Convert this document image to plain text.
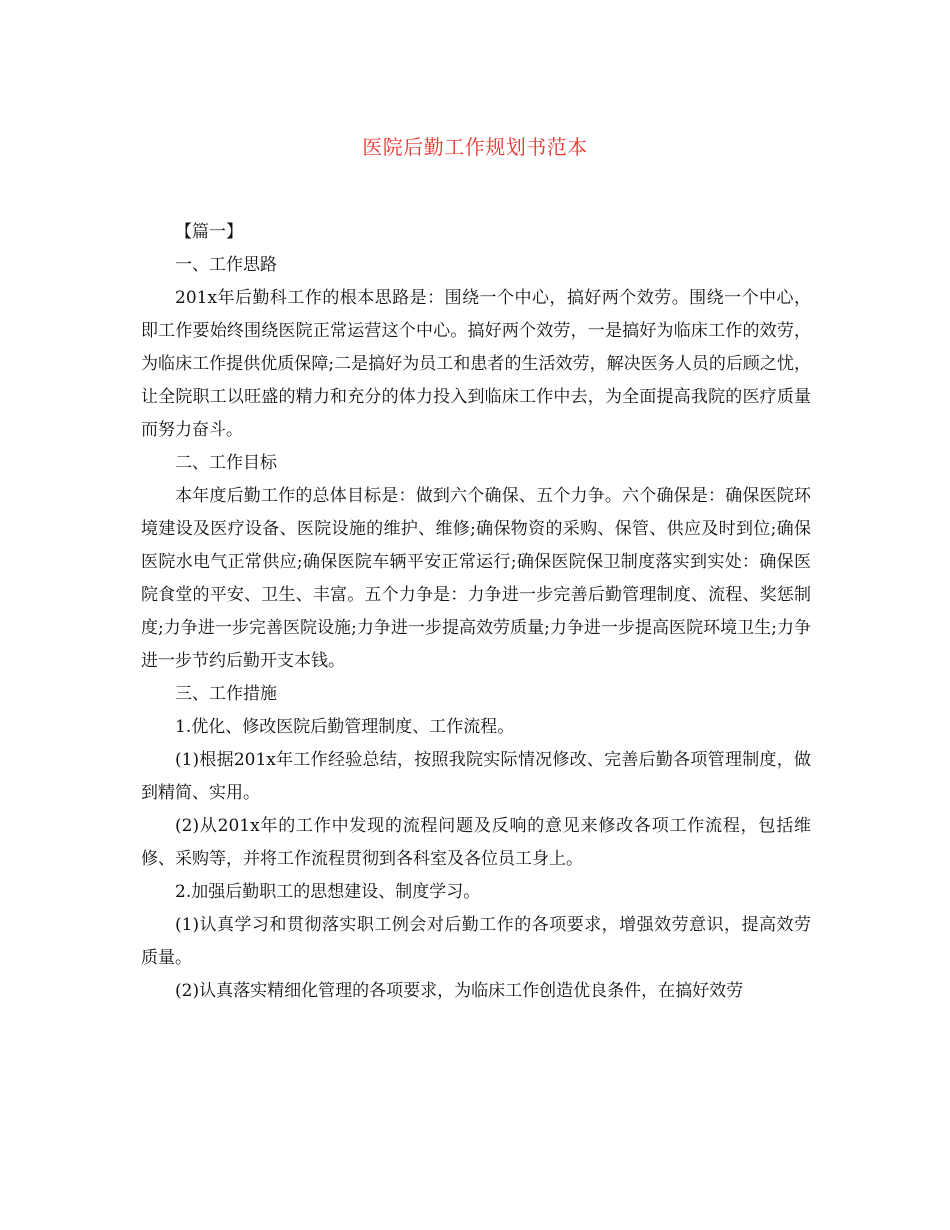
医院后勤工作规划书范本

【篇一】

一、工作思路

201x年后勤科工作的根本思路是：围绕一个中心，搞好两个效劳。围绕一个中心，即工作要始终围绕医院正常运营这个中心。搞好两个效劳，一是搞好为临床工作的效劳，为临床工作提供优质保障;二是搞好为员工和患者的生活效劳，解决医务人员的后顾之忧，让全院职工以旺盛的精力和充分的体力投入到临床工作中去，为全面提高我院的医疗质量而努力奋斗。

二、工作目标

本年度后勤工作的总体目标是：做到六个确保、五个力争。六个确保是：确保医院环境建设及医疗设备、医院设施的维护、维修;确保物资的采购、保管、供应及时到位;确保医院水电气正常供应;确保医院车辆平安正常运行;确保医院保卫制度落实到实处：确保医院食堂的平安、卫生、丰富。五个力争是：力争进一步完善后勤管理制度、流程、奖惩制度;力争进一步完善医院设施;力争进一步提高效劳质量;力争进一步提高医院环境卫生;力争进一步节约后勤开支本钱。

三、工作措施

1.优化、修改医院后勤管理制度、工作流程。

(1)根据201x年工作经验总结，按照我院实际情况修改、完善后勤各项管理制度，做到精简、实用。

(2)从201x年的工作中发现的流程问题及反响的意见来修改各项工作流程，包括维修、采购等，并将工作流程贯彻到各科室及各位员工身上。

2.加强后勤职工的思想建设、制度学习。

(1)认真学习和贯彻落实职工例会对后勤工作的各项要求，增强效劳意识，提高效劳质量。

(2)认真落实精细化管理的各项要求，为临床工作创造优良条件，在搞好效劳
